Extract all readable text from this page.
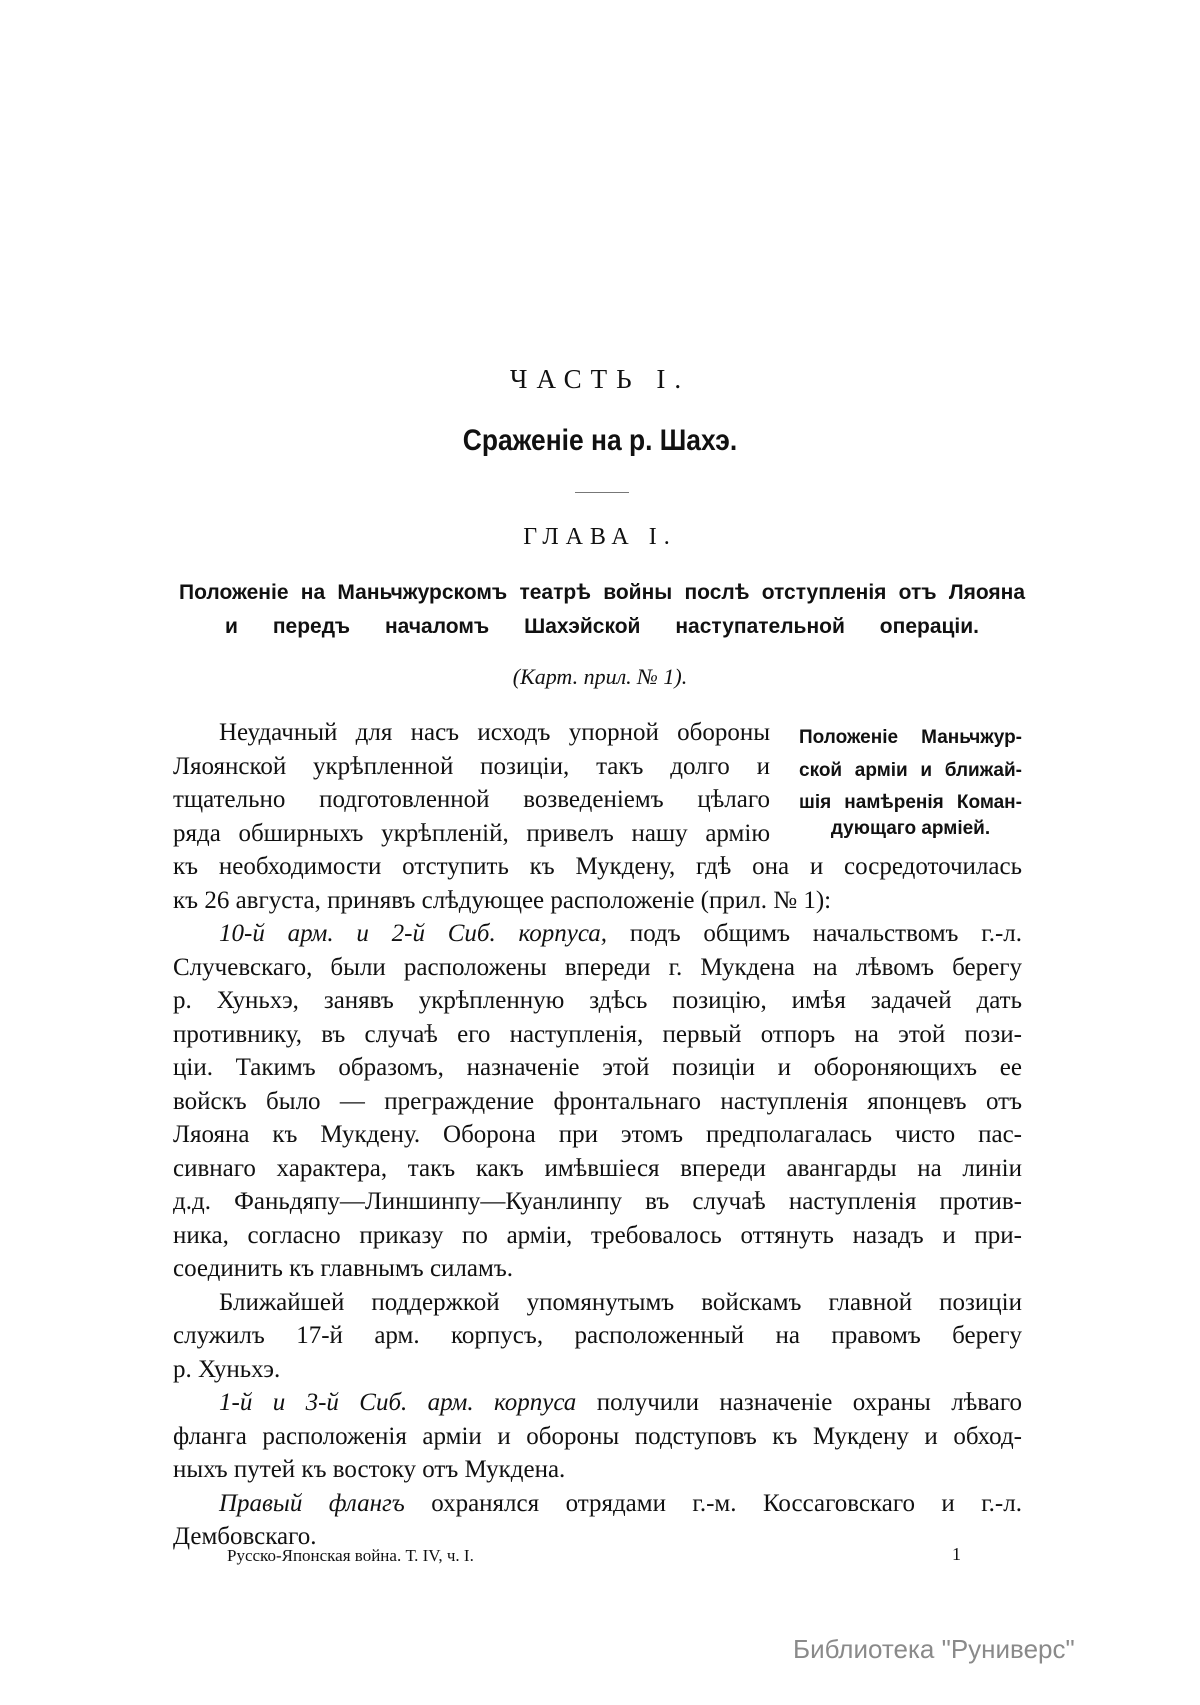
ЧАСТЬ I.
Сраженіе на р. Шахэ.
ГЛАВА I.
Положеніе на Маньчжурскомъ театрѣ войны послѣ отступленія отъ Ляояна
и передъ началомъ Шахэйской наступательной операціи.
(Карт. прил. № 1).
Положеніе Маньчжур-
ской арміи и ближай-
шія намѣренія Коман-
дующаго арміей.
Неудачный для насъ исходъ упорной обороны
Ляоянской укрѣпленной позиціи, такъ долго и
тщательно подготовленной возведеніемъ цѣлаго
ряда обширныхъ укрѣпленій, привелъ нашу армію
къ необходимости отступить къ Мукдену, гдѣ она и сосредоточилась
къ 26 августа, принявъ слѣдующее расположеніе (прил. № 1):
10-й арм. и 2-й Сиб. корпуса, подъ общимъ начальствомъ г.-л.
Случевскаго, были расположены впереди г. Мукдена на лѣвомъ берегу
р. Хуньхэ, занявъ укрѣпленную здѣсь позицію, имѣя задачей дать
противнику, въ случаѣ его наступленія, первый отпоръ на этой пози-
ціи. Такимъ образомъ, назначеніе этой позиціи и обороняющихъ ее
войскъ было — преграждение фронтальнаго наступленія японцевъ отъ
Ляояна къ Мукдену. Оборона при этомъ предполагалась чисто пас-
сивнаго характера, такъ какъ имѣвшіеся впереди авангарды на линіи
д.д. Фаньдяпу—Линшинпу—Куанлинпу въ случаѣ наступленія против-
ника, согласно приказу по арміи, требовалось оттянуть назадъ и при-
соединить къ главнымъ силамъ.
Ближайшей поддержкой упомянутымъ войскамъ главной позиціи
служилъ 17-й арм. корпусъ, расположенный на правомъ берегу
р. Хуньхэ.
1-й и 3-й Сиб. арм. корпуса получили назначеніе охраны лѣваго
фланга расположенія арміи и обороны подступовъ къ Мукдену и обход-
ныхъ путей къ востоку отъ Мукдена.
Правый флангъ охранялся отрядами г.-м. Коссаговскаго и г.-л.
Дембовскаго.
Русско-Японская война. Т. IV, ч. I.	1
Библиотека "Руниверс"
